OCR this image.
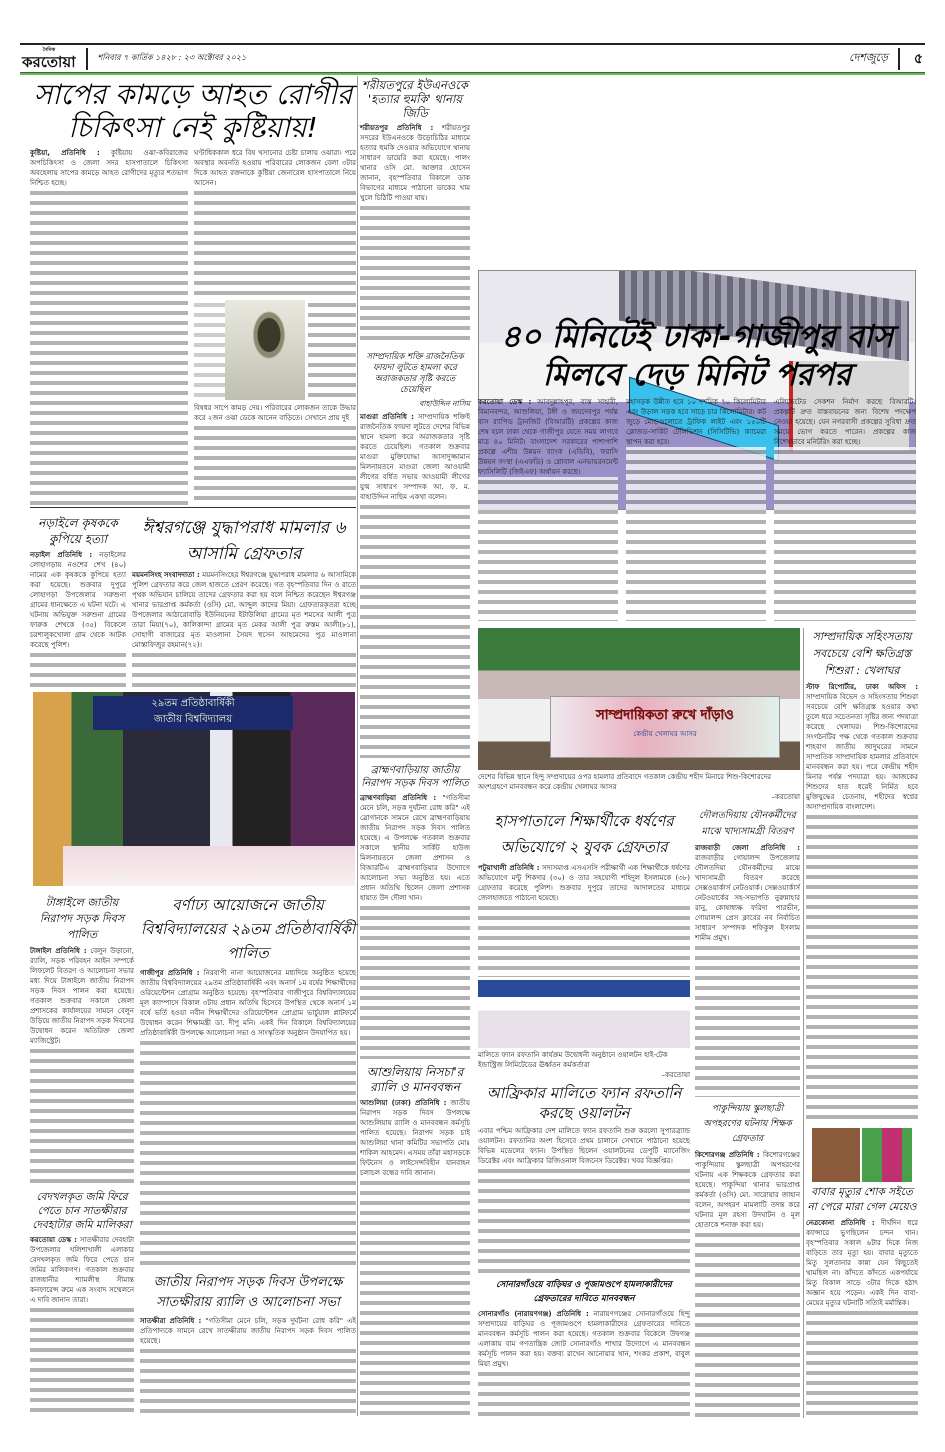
দৈনিক
করতোয়া	শনিবার ৭ কার্তিক ১৪২৮ : ২৩ অক্টোবর ২০২১	দেশজুড়ে ৫
সাপের কামড়ে আহত রোগীর চিকিৎসা নেই কুষ্টিয়ায়!

কুষ্টিয়া, প্রতিনিধি : কুষ্টিয়ায় ওঝা-কবিরাজের অপচিকিৎসা ও জেলা সদর হাসপাতালে চিকিৎসা অবহেলায় সাপের কামড়ে আহত রোগীদের মৃত্যুর শতভাগ নিশ্চিত হচ্ছে।

ঘণ্টাধিককাল ধরে বিষ খসানোর চেষ্টা চালায় ওঝারা। পরে অবস্থার অবনতি হওয়ায় পরিবারের লোকজন বেলা ৩টার দিকে আহত রক্তনাকে কুষ্টিয়া জেনারেল হাসপাতালে নিয়ে আসেন।

বিষধর সাপে কামড় দেয়। পরিবারের লোকজন তাকে উদ্ধার করে ২জন ওঝা ডেকে আনেন বাড়িতে। সেখানে প্রায় দুই

শরীয়তপুরে ইউএনওকে 'হত্যার হুমকি' থানায় জিডি

শরীয়তপুর প্রতিনিধি : শরীয়তপুর সদরের ইউএনওকে উড়োচিঠির মাধ্যমে হত্যার হুমকি দেওয়ার অভিযোগে থানায় সাধারণ ডায়েরি করা হয়েছে। পালং থানার ওসি মো. আক্তার হোসেন জানান, বৃহস্পতিবার বিকালে ডাক বিভাগের মাধ্যমে পাঠানো ডাকের খাম খুলে চিঠিটি পাওয়া যায়।

সাম্প্রদায়িক শক্তি রাজনৈতিক ফায়দা লুটতে হামলা করে অরাজকতার সৃষ্টি করতে চেয়েছিল
বাহাউদ্দিন নাসিম

মাগুরা প্রতিনিধি : সাম্প্রদায়িক শক্তিই রাজনৈতিক ফায়দা লুটতে দেশের বিভিন্ন স্থানে হামলা করে অরাজকতার সৃষ্টি করতে চেয়েছিল। গতকাল শুক্রবার মাগুরা মুক্তিযোদ্ধা আসাদুজ্জামান মিলনায়তনে মাগুরা জেলা আওয়ামী লীগের বর্ধিত সভায় আওয়ামী লীগের যুগ্ম সাধারণ সম্পাদক আ. ফ. ম. বাহাউদ্দিন নাছিম একথা বলেন।

ব্রাহ্মণবাড়িয়ায় জাতীয় নিরাপদ সড়ক দিবস পালিত

ব্রাহ্মণবাড়িয়া প্রতিনিধি : "গতিসীমা মেনে চলি, সড়ক দুর্ঘটনা রোধ করি" এই স্লোগানকে সামনে রেখে ব্রাহ্মণবাড়িয়ায় জাতীয় নিরাপদ সড়ক দিবস পালিত হয়েছে। এ উপলক্ষে গতকাল শুক্রবার সকালে স্থানীয় সার্কিট হাউজ মিলনায়তনে জেলা প্রশাসন ও বিআরটিএ ব্রাহ্মণবাড়িয়ার উদ্যোগে আলোচনা সভা অনুষ্ঠিত হয়। এতে প্রধান অতিথি ছিলেন জেলা প্রশাসক হায়াত উদ দৌলা খান।

আশুলিয়ায় নিসচা'র র‍্যালি ও মানববন্ধন

আশুলিয়া (ঢাকা) প্রতিনিধি : জাতীয় নিরাপদ সড়ক দিবস উপলক্ষে আশুলিয়ায় র‍্যালি ও মানববন্ধন কর্মসূচি পালিত হয়েছে। নিরাপদ সড়ক চাই আশুলিয়া থানা কমিটির সভাপতি মোঃ শাকিল আহমেদ। এসময় তাঁরা মহাসড়কে ফিটনেস ও লাইসেন্সবিহীন যানবাহন চলাচল বন্ধের দাবি জানান।

নড়াইলে কৃষককে কুপিয়ে হত্যা

নড়াইল প্রতিনিধি : নড়াইলের লোহাগড়ায় নওশের শেখ (৪০) নামের এক কৃষককে কুপিয়ে হত্যা করা হয়েছে। শুক্রবার দুপুরে লোহাগড়া উপজেলার সরুশুনা গ্রামের ধানক্ষেতে এ ঘটনা ঘটে। এ ঘটনায় অভিযুক্ত সরুশুনা গ্রামের ফারুক শেখকে (৩৫) বিকেলে চরশালুকখোলা গ্রাম থেকে আটক করেছে পুলিশ।

ঈশ্বরগঞ্জে যুদ্ধাপরাধ মামলার ৬ আসামি গ্রেফতার

ময়মনসিংহ সংবাদদাতা : ময়মনসিংহের ঈশ্বরগঞ্জে যুদ্ধাপরাধ মামলার ৬ আসামিকে পুলিশ গ্রেফতার করে জেল হাজতে প্রেরণ করেছে। গত বৃহস্পতিবার দিন ও রাতে পৃথক অভিযান চালিয়ে তাদের গ্রেফতার করা হয় বলে নিশ্চিত করেছেন ঈশ্বরগঞ্জ থানার ভারপ্রাপ্ত কর্মকর্তা (ওসি) মো. আব্দুল কাদের মিয়া। গ্রেফতারকৃতরা হচ্ছে উপজেলার আঠারোবাড়ি ইউনিয়নের ইটাউলিয়া গ্রামের মৃত শমসের আলী পুত্র তারা মিয়া(৭০), কালিকান্দা গ্রামের মৃত মেকর আলী পুত্র রুস্তম আলী(৮১), সোহাগী বাজারের মৃত মাওলানা সৈয়দ হুসেন আহমেদের পুত্র মাওলানা মোস্তাফিজুর রহমান(৭২)।

২৯তম প্রতিষ্ঠাবার্ষিকী
জাতীয় বিশ্ববিদ্যালয়
টাঙ্গাইলে জাতীয় নিরাপদ সড়ক দিবস পালিত

টাঙ্গাইল প্রতিনিধি : বেলুন উড়ানো, র‍্যালি, সড়ক পরিবহন আইন সম্পর্কে লিফলেট বিতরণ ও আলোচনা সভার মধ্য দিয়ে টাঙ্গাইলে জাতীয় নিরাপদ সড়ক দিবস পালন করা হয়েছে। গতকাল শুক্রবার সকালে জেলা প্রশাসকের কার্যালয়ের সামনে বেলুন উড়িয়ে জাতীয় নিরাপদ সড়ক দিবসের উদ্বোধন করেন অতিরিক্ত জেলা ম্যাজিস্ট্রেট।

বেদখলকৃত জমি ফিরে পেতে চান সাতক্ষীরার দেবহাটার জমি মালিকরা

করতোয়া ডেস্ক : সাতক্ষীরার দেবহাটা উপজেলার খলিশাখালী এলাকার বেদখলকৃত জমি ফিরে পেতে চান জমির মালিকগণ। গতকাল শুক্রবার রাজধানীর শ্যামলীস্থ সীমান্ত কনফারেন্স রুমে এক সংবাদ সম্মেলনে এ দাবি জানান তারা।

বর্ণাঢ্য আয়োজনে জাতীয় বিশ্ববিদ্যালয়ের ২৯তম প্রতিষ্ঠাবার্ষিকী পালিত

গাজীপুর প্রতিনিধি : নিরবাপী নানা আয়োজনের মধ্যদিয়ে অনুষ্ঠিত হয়েছে জাতীয় বিশ্ববিদ্যালয়ের ২৯তম প্রতিষ্ঠাবার্ষিকী এবং অনার্স ১ম বর্ষের শিক্ষার্থীদের ওরিয়েন্টেশন প্রোগ্রাম অনুষ্ঠিত হয়েছে। বৃহস্পতিবার গাজীপুরে বিশ্ববিদ্যালয়ের মূল ক্যাম্পাসে বিকাল ৩টায় প্রধান অতিথি হিসেবে উপস্থিত থেকে অনার্স ১ম বর্ষে ভর্তি হওয়া নবীন শিক্ষার্থীদের ওরিয়েন্টেশন প্রোগ্রাম ভার্চুয়াল প্লাটফর্মে উদ্বোধন করেন শিক্ষামন্ত্রী ডা. দীপু মনি। একই দিন বিকালে বিশ্ববিদ্যালয়ের প্রতিষ্ঠাবার্ষিকী উপলক্ষে আলোচনা সভা ও সাংস্কৃতিক অনুষ্ঠান উদযাপিত হয়।

জাতীয় নিরাপদ সড়ক দিবস উপলক্ষে সাতক্ষীরায় র‍্যালি ও আলোচনা সভা

সাতক্ষীরা প্রতিনিধি : "গতিসীমা মেনে চলি, সড়ক দুর্ঘটনা রোধ করি" এই প্রতিপাদ্যকে সামনে রেখে সাতক্ষীরায় জাতীয় নিরাপদ সড়ক দিবস পালিত হয়েছে।

৪০ মিনিটেই ঢাকা-গাজীপুর বাস মিলবে দেড় মিনিট পরপর

করতোয়া ডেস্ক : আবদুল্লাহপুর, ব্যস্ত সাহারী, বিমানবন্দর, আশুলিয়া, টঙ্গী ও জয়দেবপুর পর্যন্ত বাস র‍্যাপিড ট্রানজিট (বিআরটি) প্রকল্পের কাজ শেষ হলে ঢাকা থেকে গাজীপুর যেতে সময় লাগবে মাত্র ৪০ মিনিট। বাংলাদেশ সরকারের পাশাপাশি প্রকল্পে এশীয় উন্নয়ন ব্যাংক (এডিবি), ফরাসি উন্নয়ন সংস্থা (এএফডি) ও গ্লোবাল এনভায়রনমেন্ট ফ্যাসিলিটি (জিইএফ) অর্থায়ন করছে।

মহাসড়ক উন্নীত হবে ১০ দশমিক ৭০ কিলোমিটার এবং উড়াল সড়ক হবে সাড়ে চার কিলোমিটার। কট জুড়ে মোড়গুলোতে ট্রাফিক লাইট এবং ১৫০টি ক্লোজড-সার্কিট টেলিভিশন (সিসিটিভি) ক্যামেরা স্থাপন করা হবে।

এলিভেটেড সেকশন নির্মাণ করছে বিআরটি। প্রকল্পটি দ্রুত বাস্তবায়নের জন্য বিশেষ পদক্ষেপ নেওয়া হয়েছে। যেন নগরবাসী প্রকল্পের সুবিধা দ্রুত সময়ে ভোগ করতে পারেন। প্রকল্পের কাজ বিশেষভাবে মনিটরিং করা হচ্ছে।

সাম্প্রদায়িকতা রুখে দাঁড়াও
কেন্দ্রীয় খেলাঘর আসর
দেশের বিভিন্ন স্থানে হিন্দু সম্প্রদায়ের ওপর হামলার প্রতিবাদে গতকাল কেন্দ্রীয় শহীদ মিনারে শিশু-কিশোরদের অংশগ্রহণে মানববন্ধন করে কেন্দ্রীয় খেলাঘর আসর
–করতোয়া
হাসপাতালে শিক্ষার্থীকে ধর্ষণের অভিযোগে ২ যুবক গ্রেফতার

পটুয়াখালী প্রতিনিধি : সদ্যসমাপ্ত এসএসসি পরীক্ষার্থী এক শিক্ষার্থীকে ধর্ষণের অভিযোগে মন্টু শিকদার (৩০) ও তার সহযোগী শহিদুল ইসলামকে (৩৮) গ্রেফতার করেছে পুলিশ। শুক্রবার দুপুরে তাদের আদালতের মাধ্যমে জেলহাজতে পাঠানো হয়েছে।

মালিতে ফ্যান রফতানি কার্যক্রম উদ্বোধনী অনুষ্ঠানে ওয়ালটন হাই-টেক ইন্ডাস্ট্রিজ লিমিটেডের ঊর্ধ্বতন কর্মকর্তারা
–করতোয়া
আফ্রিকার মালিতে ফ্যান রফতানি করছে ওয়ালটন

এবার পশ্চিম আফ্রিকার দেশ মালিতে ফ্যান রফতানি শুরু করলো সুপারব্র্যান্ড ওয়ালটন। রফতানির অংশ হিসেবে প্রথম চালানে সেখানে পাঠানো হয়েছে বিভিন্ন মডেলের ফ্যান। উপস্থিত ছিলেন ওয়ালটনের ডেপুটি ম্যানেজিং ডিরেক্টর এবং আফ্রিকার রিজিওনাল বিজনেস ডিরেক্টর। খবর বিজ্ঞপ্তির।

সোনারগাঁওয়ে বাড়িঘর ও পূজামণ্ডপে হামলাকারীদের গ্রেফতারের দাবিতে মানববন্ধন

সোনারগাঁও (নারায়ণগঞ্জ) প্রতিনিধি : নারায়ণগঞ্জের সোনারগাঁওয়ে হিন্দু সম্প্রদায়ের বাড়িঘর ও পূজামণ্ডপে হামলাকারীদের গ্রেফতারের দাবিতে মানববন্ধন কর্মসূচি পালন করা হয়েছে। গতকাল শুক্রবার বিকেলে উদ্বগঞ্জ এলাকায় বাম গণতান্ত্রিক জোট সোনারগাঁও শাখার উদ্যোগে এ মানববন্ধন কর্মসূচি পালন করা হয়। বক্তব্য রাখেন আনোয়ার খান, শংকর প্রকাশ, বাবুল মিয়া প্রমুখ।

দৌলতদিয়ায় যৌনকর্মীদের মাঝে খাদ্যসামগ্রী বিতরণ

রাজবাড়ী জেলা প্রতিনিধি : রাজবাড়ীর গোয়ালন্দ উপজেলার দৌলতদিয়া যৌনকর্মীদের মাঝে খাদ্যসামগ্রী বিতরণ করেছে সেক্সওয়ার্কার্স নেটওয়ার্ক। সেক্সওয়ার্কার্স নেটওয়ার্কের সহ-সভাপতি নুরুন্নাহার রানু, কোষাধ্যক্ষ ফরিদা পারভীন, গোয়ালন্দ প্রেস ক্লাবের নব নির্বাচিত সাধারণ সম্পাদক শফিকুল ইসলাম শামীম প্রমুখ।

পাকুন্দিয়ায় স্কুলছাত্রী অপহরণের ঘটনায় শিক্ষক গ্রেফতার

কিশোরগঞ্জ প্রতিনিধি : কিশোরগঞ্জের পাকুন্দিয়ায় স্কুলছাত্রী অপহরণের ঘটনায় এক শিক্ষককে গ্রেফতার করা হয়েছে। পাকুন্দিয়া থানার ভারপ্রাপ্ত কর্মকর্তা (ওসি) মো. সারোয়ার জাহান বলেন, অপহরণ মামলাটি তদন্ত করে ঘটনার মূল রহস্য উদঘাটন ও মূল হোতাকে শনাক্ত করা হয়।

সাম্প্রদায়িক সহিংসতায় সবচেয়ে বেশি ক্ষতিগ্রস্ত শিশুরা : খেলাঘর

স্টাফ রিপোর্টার, ঢাকা অফিস : সাম্প্রদায়িক বিভেদ ও সহিংসতায় শিশুরা সবচেয়ে বেশি ক্ষতিগ্রস্ত হওয়ার কথা তুলে ধরে সচেতনতা সৃষ্টির জন্য পদযাত্রা করেছে খেলাঘর। শিশু-কিশোরদের সংগঠনটির পক্ষ থেকে গতকাল শুক্রবার শাহবাগ জাতীয় জাদুঘরের সামনে সাম্প্রতিক সাম্প্রদায়িক হামলার প্রতিবাদে মানববন্ধন করা হয়। পরে কেন্দ্রীয় শহীদ মিনার পর্যন্ত পদযাত্রা হয়। আজকের শিশুদের হাত ধরেই নির্মিত হবে মুক্তিযুদ্ধের চেতনায়, শহীদের স্বপ্নের অসাম্প্রদায়িক বাংলাদেশ।

বাবার মৃত্যুর শোক সইতে না পেরে মারা গেল মেয়েও

নেত্রকোনা প্রতিনিধি : দীর্ঘদিন ধরে ক্যান্সারে ভুগছিলেন চন্দন খান। বৃহস্পতিবার সকাল ৬টার দিকে নিজ বাড়িতে তার মৃত্যু হয়। বাবার মৃত্যুতে মিতু সুলতানার কান্না যেন কিছুতেই থামছিল না। কাঁদতে কাঁদতে একপর্যায়ে মিতু বিকাল সাড়ে ৩টার দিকে হঠাৎ অজ্ঞান হয়ে পড়েন। একই দিন বাবা-মেয়ের মৃত্যুর ঘটনাটি সত্যিই মর্মান্তিক।
